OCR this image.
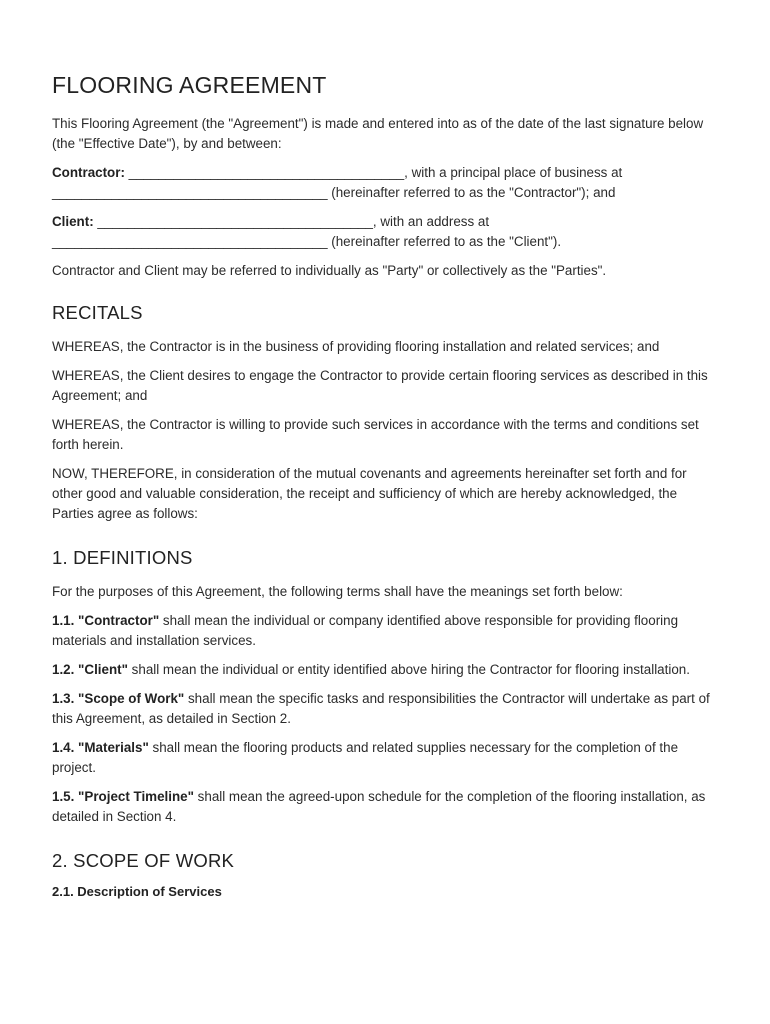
FLOORING AGREEMENT

This Flooring Agreement (the "Agreement") is made and entered into as of the date of the last signature below (the "Effective Date"), by and between:

Contractor: _____________________________________, with a principal place of business at _____________________________________ (hereinafter referred to as the "Contractor"); and

Client: _____________________________________, with an address at _____________________________________ (hereinafter referred to as the "Client").

Contractor and Client may be referred to individually as "Party" or collectively as the "Parties".

RECITALS

WHEREAS, the Contractor is in the business of providing flooring installation and related services; and

WHEREAS, the Client desires to engage the Contractor to provide certain flooring services as described in this Agreement; and

WHEREAS, the Contractor is willing to provide such services in accordance with the terms and conditions set forth herein.

NOW, THEREFORE, in consideration of the mutual covenants and agreements hereinafter set forth and for other good and valuable consideration, the receipt and sufficiency of which are hereby acknowledged, the Parties agree as follows:

1. DEFINITIONS

For the purposes of this Agreement, the following terms shall have the meanings set forth below:

1.1. "Contractor" shall mean the individual or company identified above responsible for providing flooring materials and installation services.

1.2. "Client" shall mean the individual or entity identified above hiring the Contractor for flooring installation.

1.3. "Scope of Work" shall mean the specific tasks and responsibilities the Contractor will undertake as part of this Agreement, as detailed in Section 2.

1.4. "Materials" shall mean the flooring products and related supplies necessary for the completion of the project.

1.5. "Project Timeline" shall mean the agreed-upon schedule for the completion of the flooring installation, as detailed in Section 4.

2. SCOPE OF WORK
2.1. Description of Services
